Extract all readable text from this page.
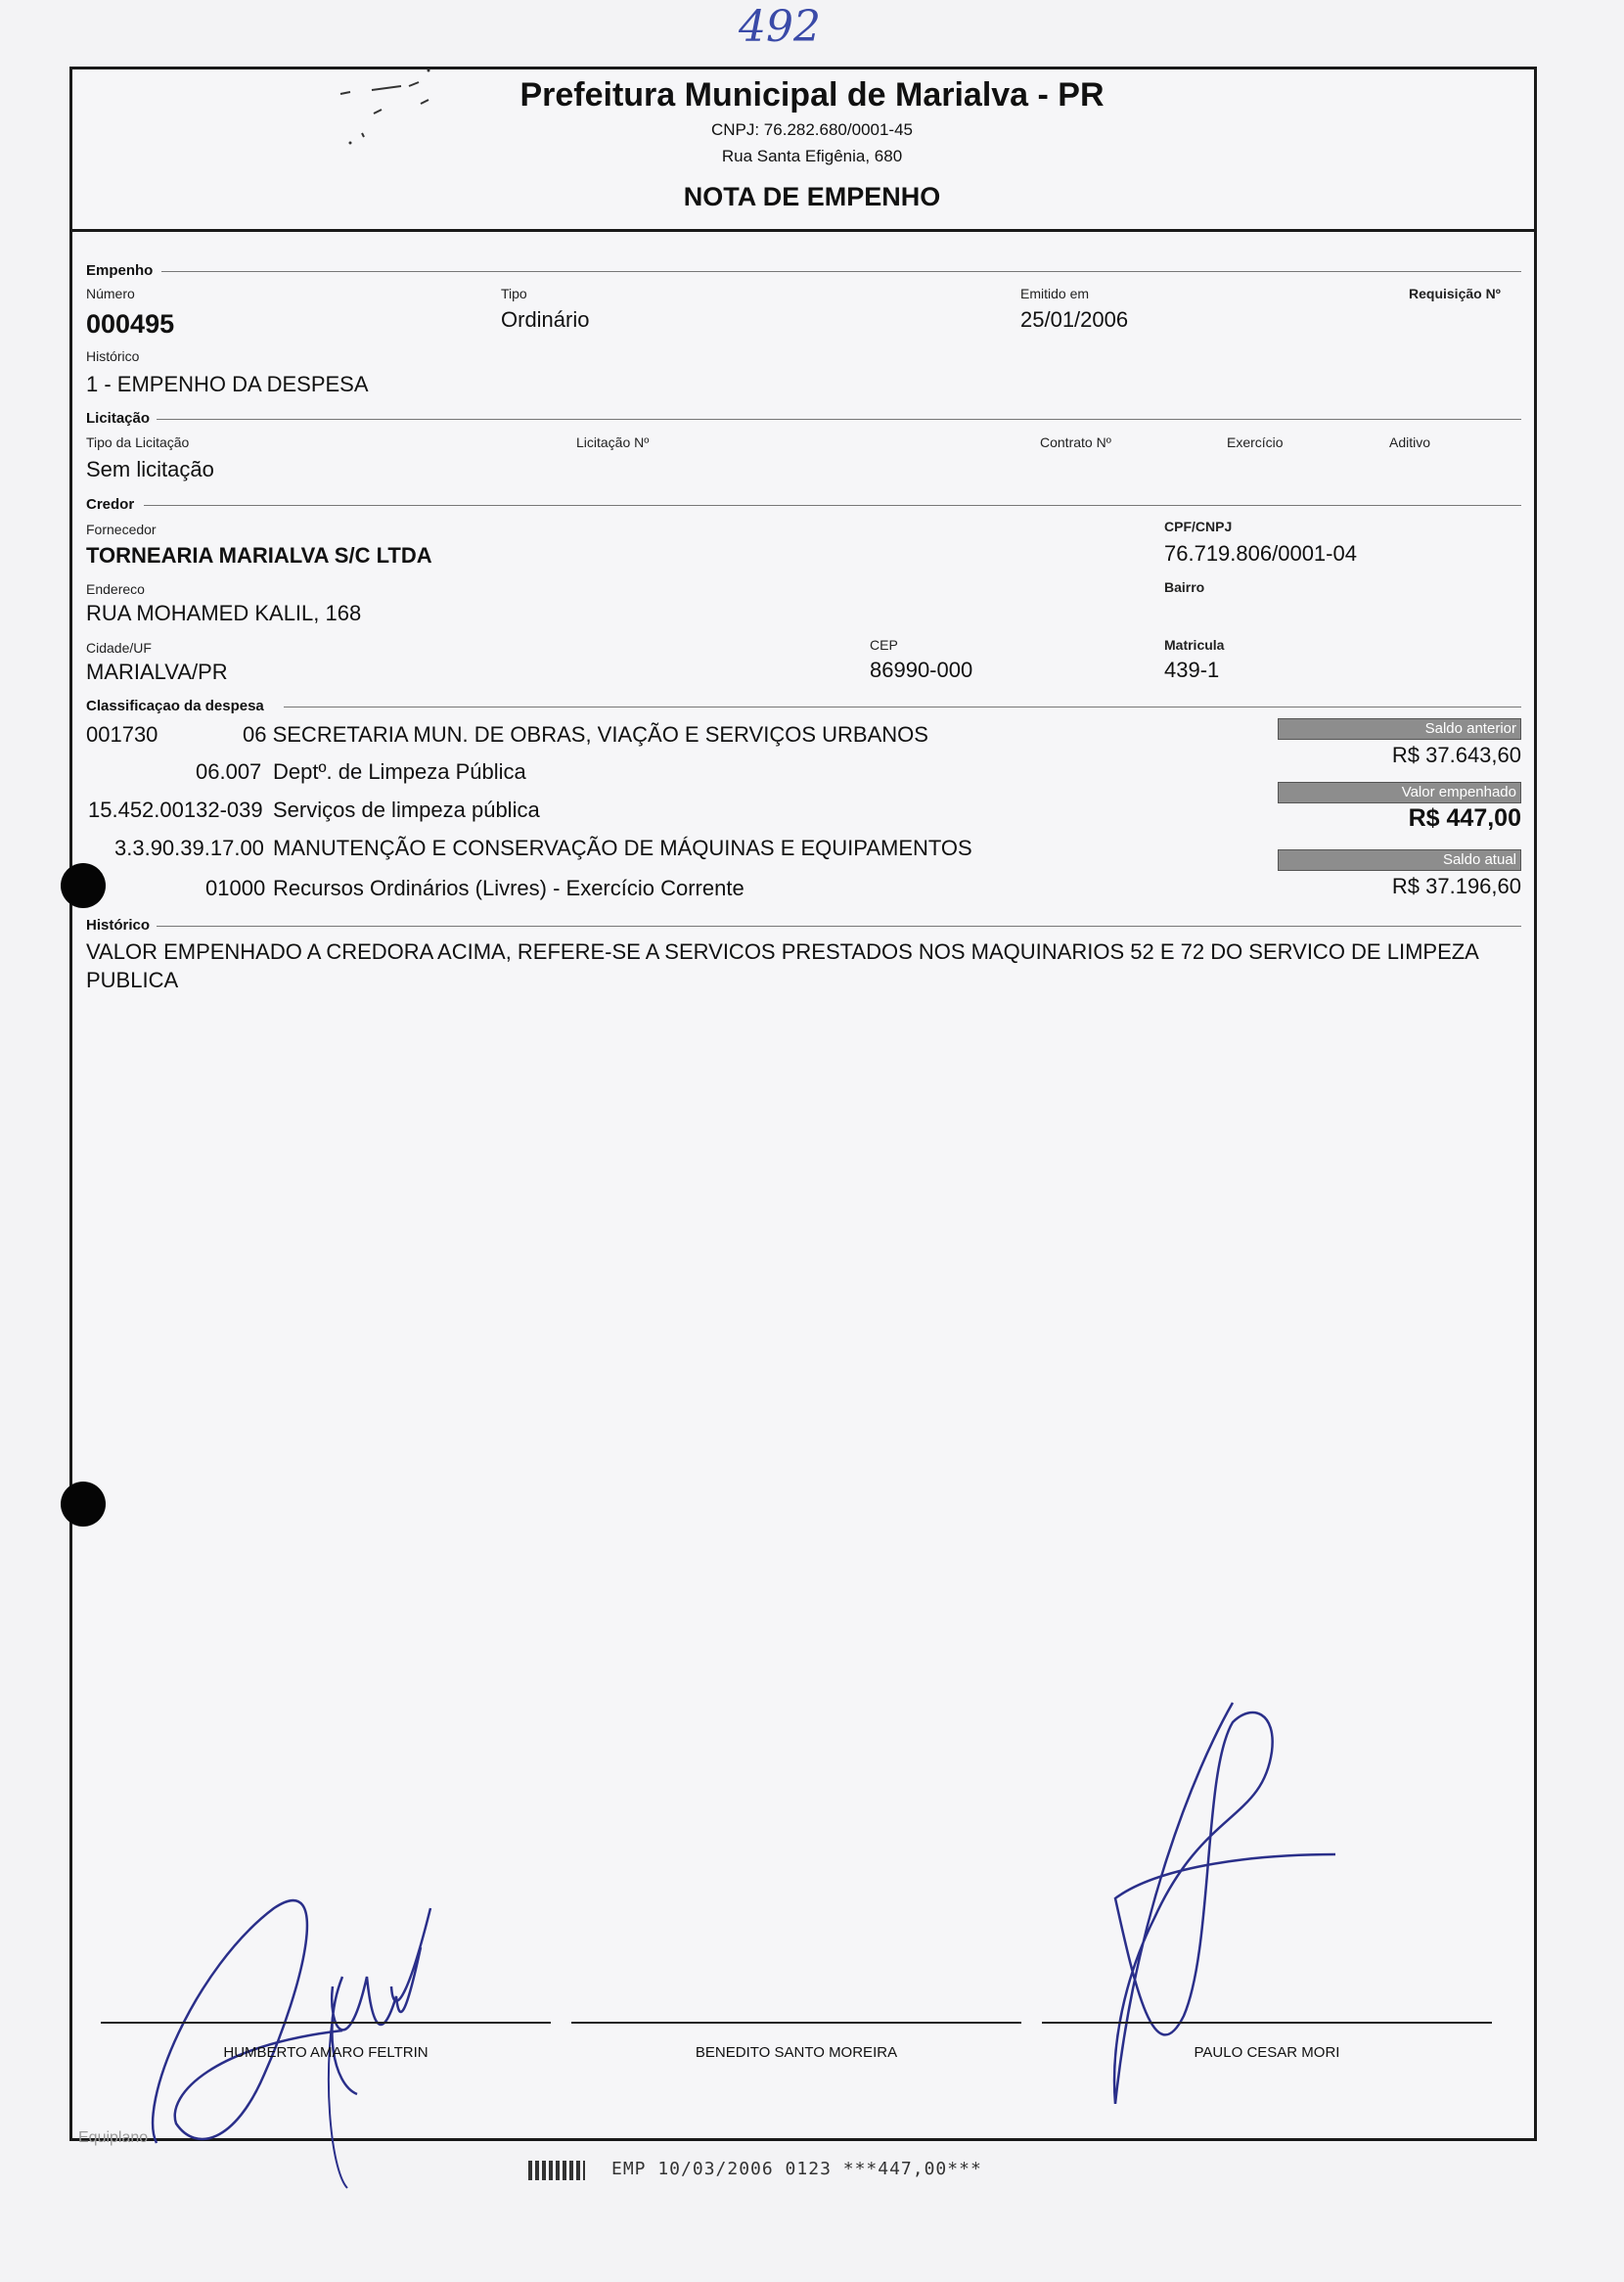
492
Prefeitura Municipal de Marialva - PR
CNPJ: 76.282.680/0001-45
Rua Santa Efigênia, 680
NOTA DE EMPENHO
Empenho
Número
000495
Tipo
Ordinário
Emitido em
25/01/2006
Requisição Nº
Histórico
1 - EMPENHO DA DESPESA
Licitação
Tipo da Licitação
Sem licitação
Licitação Nº	Contrato Nº	Exercício	Aditivo
Credor
Fornecedor
TORNEARIA MARIALVA S/C LTDA
CPF/CNPJ
76.719.806/0001-04
Endereco
RUA MOHAMED KALIL, 168
Bairro
Cidade/UF
MARIALVA/PR
CEP
86990-000
Matricula
439-1
Classificaçao da despesa
001730	06 SECRETARIA MUN. DE OBRAS, VIAÇÃO E SERVIÇOS URBANOS
06.007 Deptº. de Limpeza Pública
15.452.00132-039 Serviços de limpeza pública
3.3.90.39.17.00 MANUTENÇÃO E CONSERVAÇÃO DE MÁQUINAS E EQUIPAMENTOS
01000 Recursos Ordinários (Livres) - Exercício Corrente
Saldo anterior
R$ 37.643,60
Valor empenhado
R$ 447,00
Saldo atual
R$ 37.196,60
Histórico
VALOR EMPENHADO A CREDORA ACIMA, REFERE-SE A SERVICOS PRESTADOS NOS MAQUINARIOS 52 E 72 DO SERVICO DE LIMPEZA PUBLICA
HUMBERTO AMARO FELTRIN	BENEDITO SANTO MOREIRA	PAULO CESAR MORI
Equiplano
EMP 10/03/2006 0123 ***447,00***
